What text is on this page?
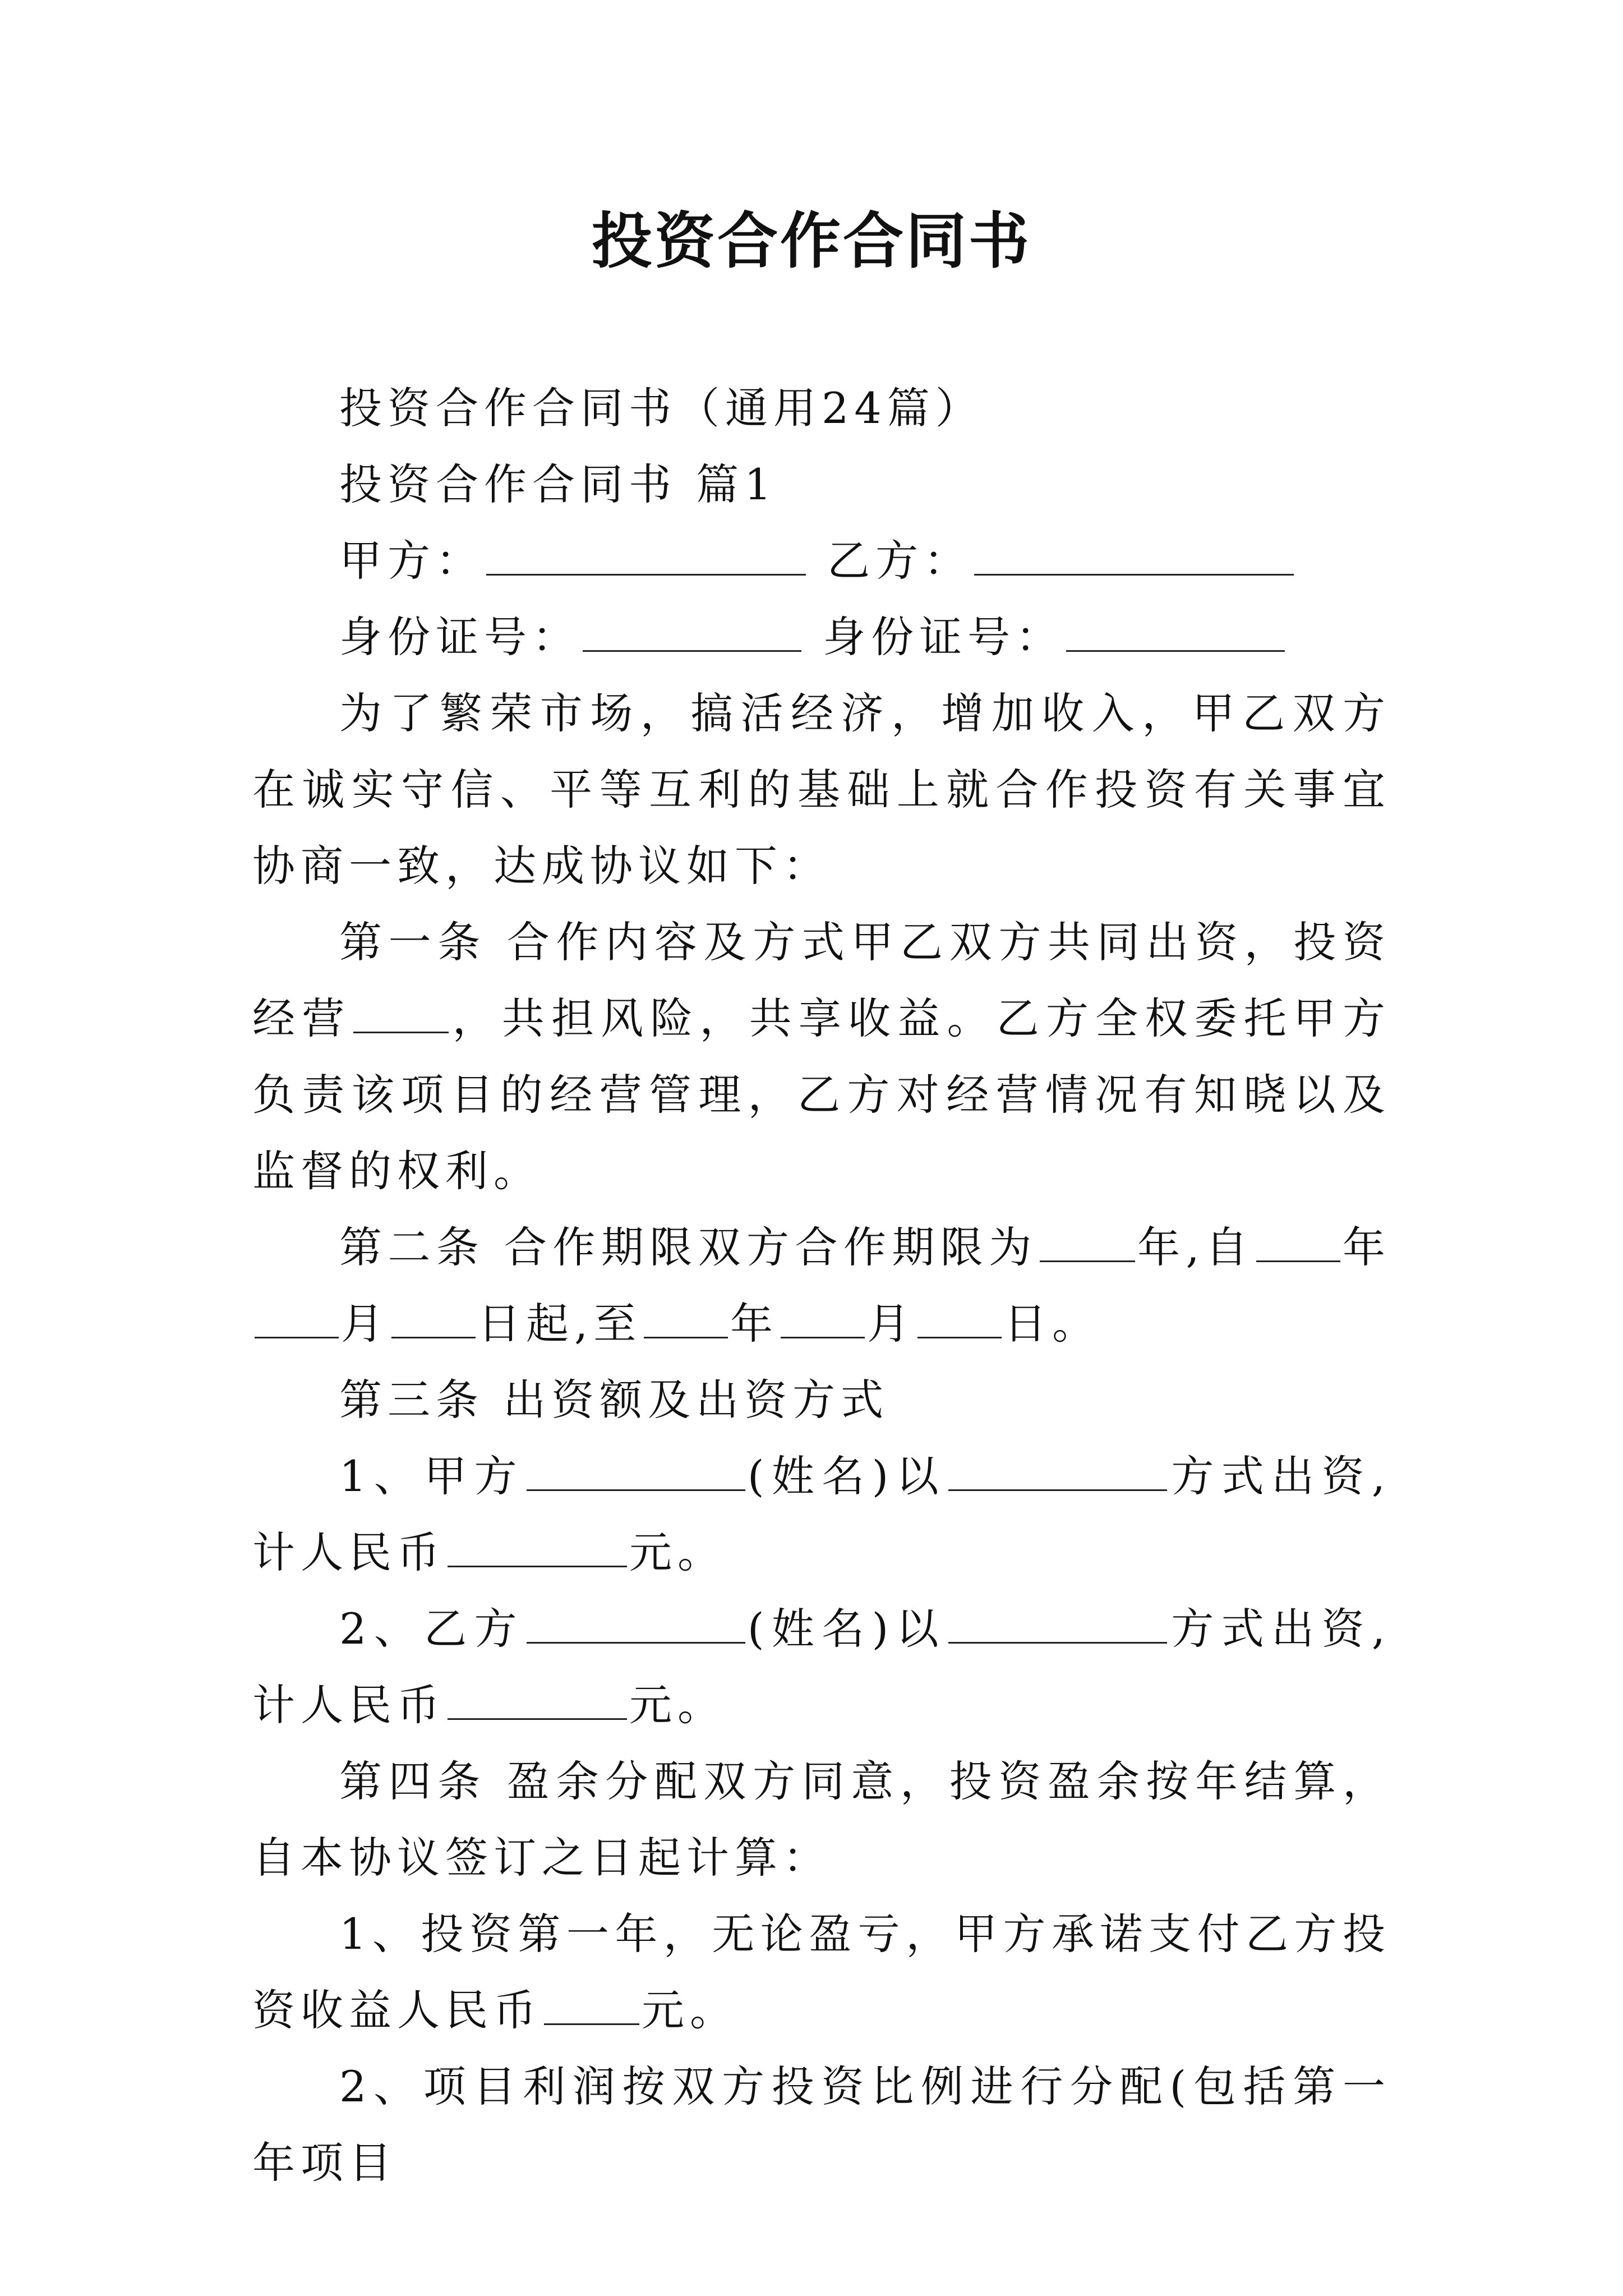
投资合作合同书

投资合作合同书（通用24篇）

投资合作合同书 篇1

甲方：	乙方：

身份证号：	身份证号：

为了繁荣市场，搞活经济，增加收入，甲乙双方在诚实守信、平等互利的基础上就合作投资有关事宜协商一致，达成协议如下：

第一条 合作内容及方式甲乙双方共同出资，投资经营 ，共担风险，共享收益。乙方全权委托甲方负责该项目的经营管理，乙方对经营情况有知晓以及监督的权利。

第二条 合作期限双方合作期限为 年,自 年月 日起,至 年 月 日。

第三条 出资额及出资方式

1、甲方	(姓名)以	方式出资,计人民币	元。

2、乙方	(姓名)以	方式出资,计人民币	元。

第四条 盈余分配双方同意，投资盈余按年结算，自本协议签订之日起计算：

1、投资第一年，无论盈亏，甲方承诺支付乙方投资收益人民币 元。

2、项目利润按双方投资比例进行分配(包括第一年项目
